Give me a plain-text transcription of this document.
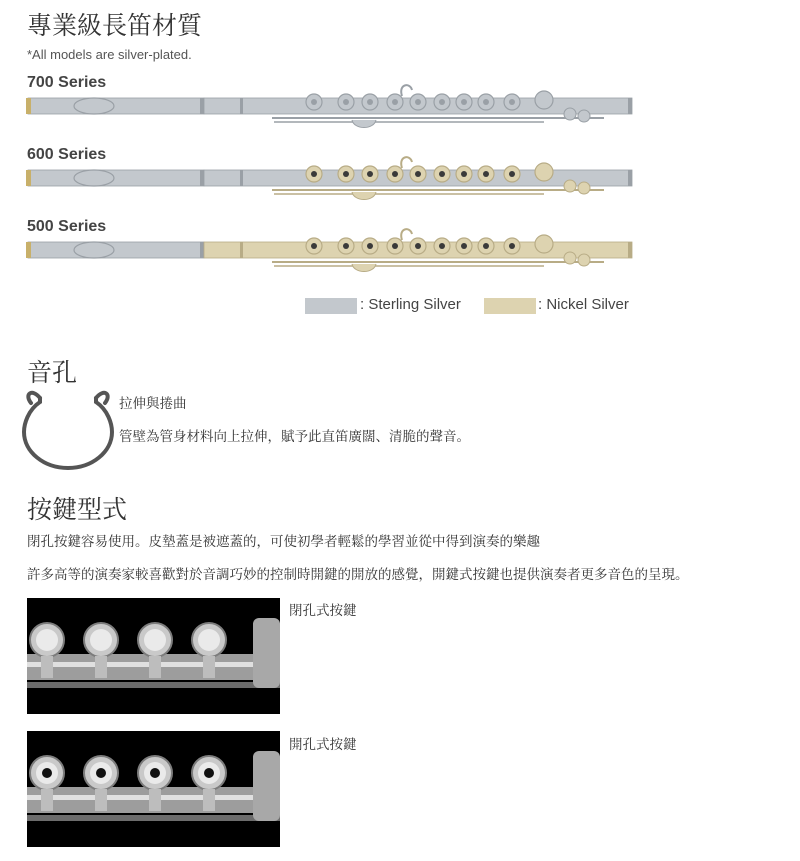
專業級長笛材質
*All models are silver-plated.
700 Series
600 Series
500 Series
: Sterling Silver	: Nickel Silver
音孔
拉伸與捲曲
管壁為管身材料向上拉伸，賦予此直笛廣闊、清脆的聲音。
按鍵型式
閉孔按鍵容易使用。皮墊蓋是被遮蓋的，可使初學者輕鬆的學習並從中得到演奏的樂趣
許多高等的演奏家較喜歡對於音調巧妙的控制時開鍵的開放的感覺，開鍵式按鍵也提供演奏者更多音色的呈現。
閉孔式按鍵
開孔式按鍵
